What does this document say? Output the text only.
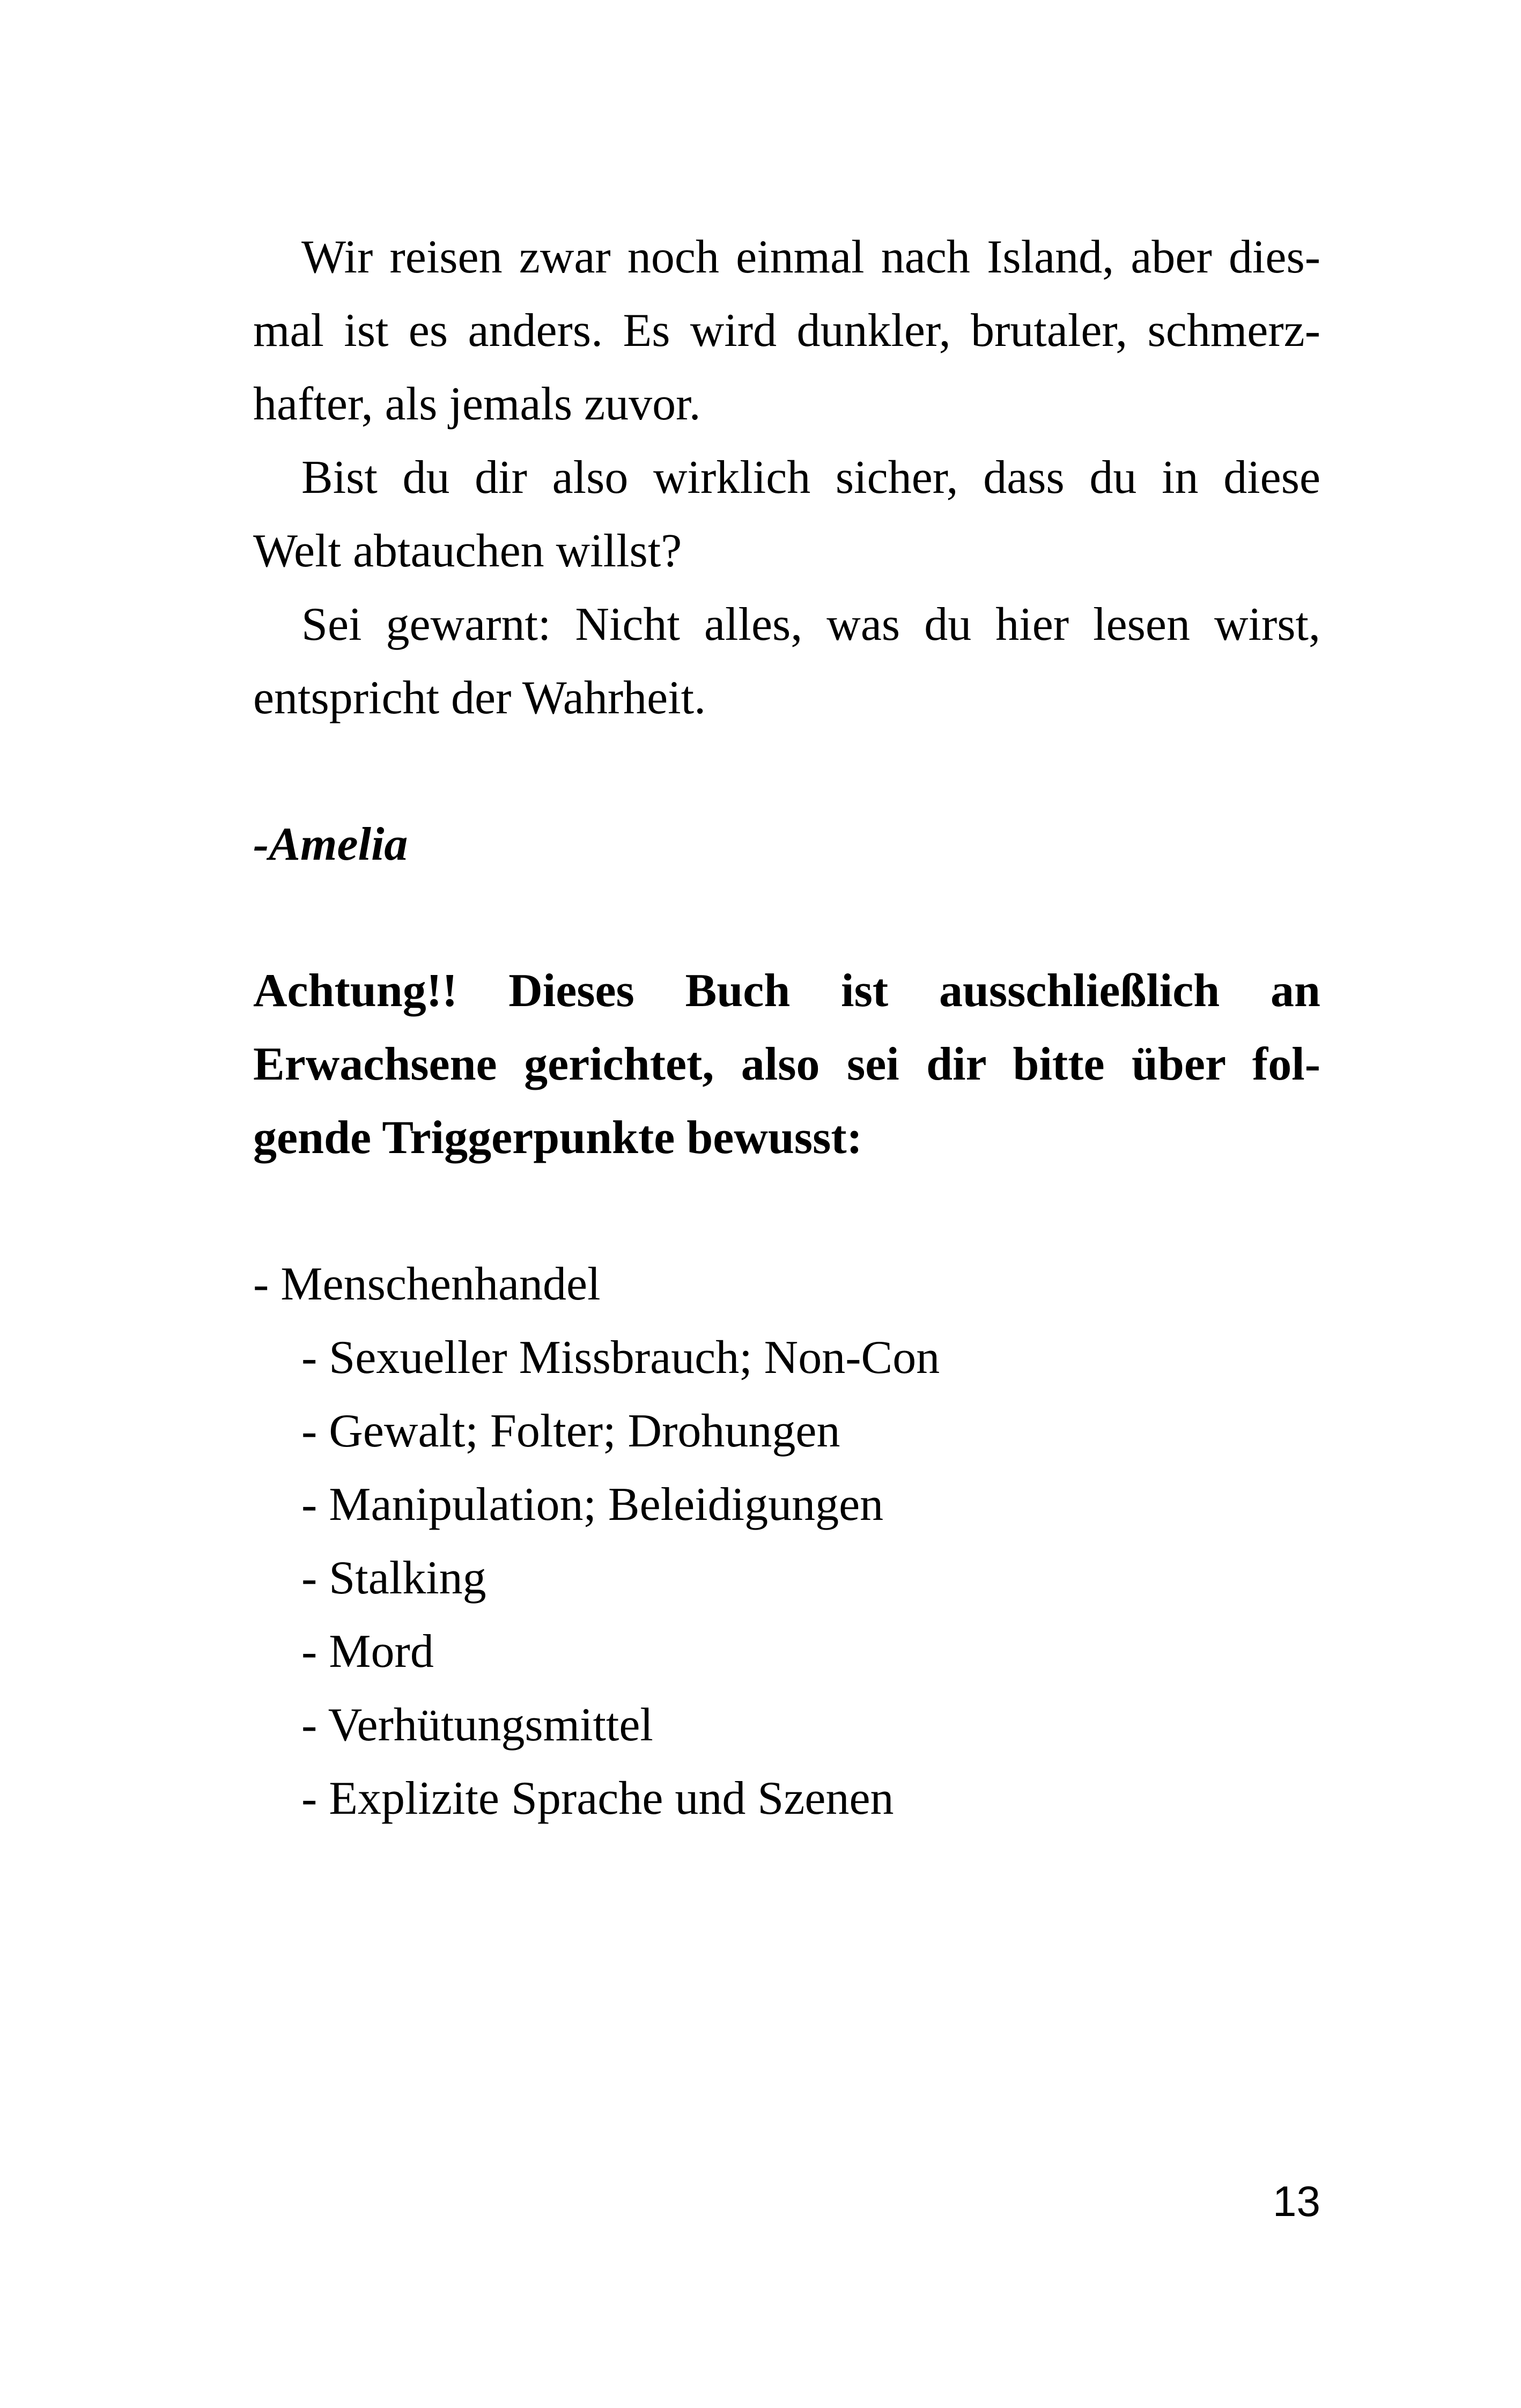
Wir reisen zwar noch einmal nach Island, aber dies-
mal ist es anders. Es wird dunkler, brutaler, schmerz-
hafter, als jemals zuvor.
Bist du dir also wirklich sicher, dass du in diese
Welt abtauchen willst?
Sei gewarnt: Nicht alles, was du hier lesen wirst,
entspricht der Wahrheit.
-Amelia
Achtung!! Dieses Buch ist ausschließlich an
Erwachsene gerichtet, also sei dir bitte über fol-
gende Triggerpunkte bewusst:
- Menschenhandel
- Sexueller Missbrauch; Non-Con
- Gewalt; Folter; Drohungen
- Manipulation; Beleidigungen
- Stalking
- Mord
- Verhütungsmittel
- Explizite Sprache und Szenen
13
